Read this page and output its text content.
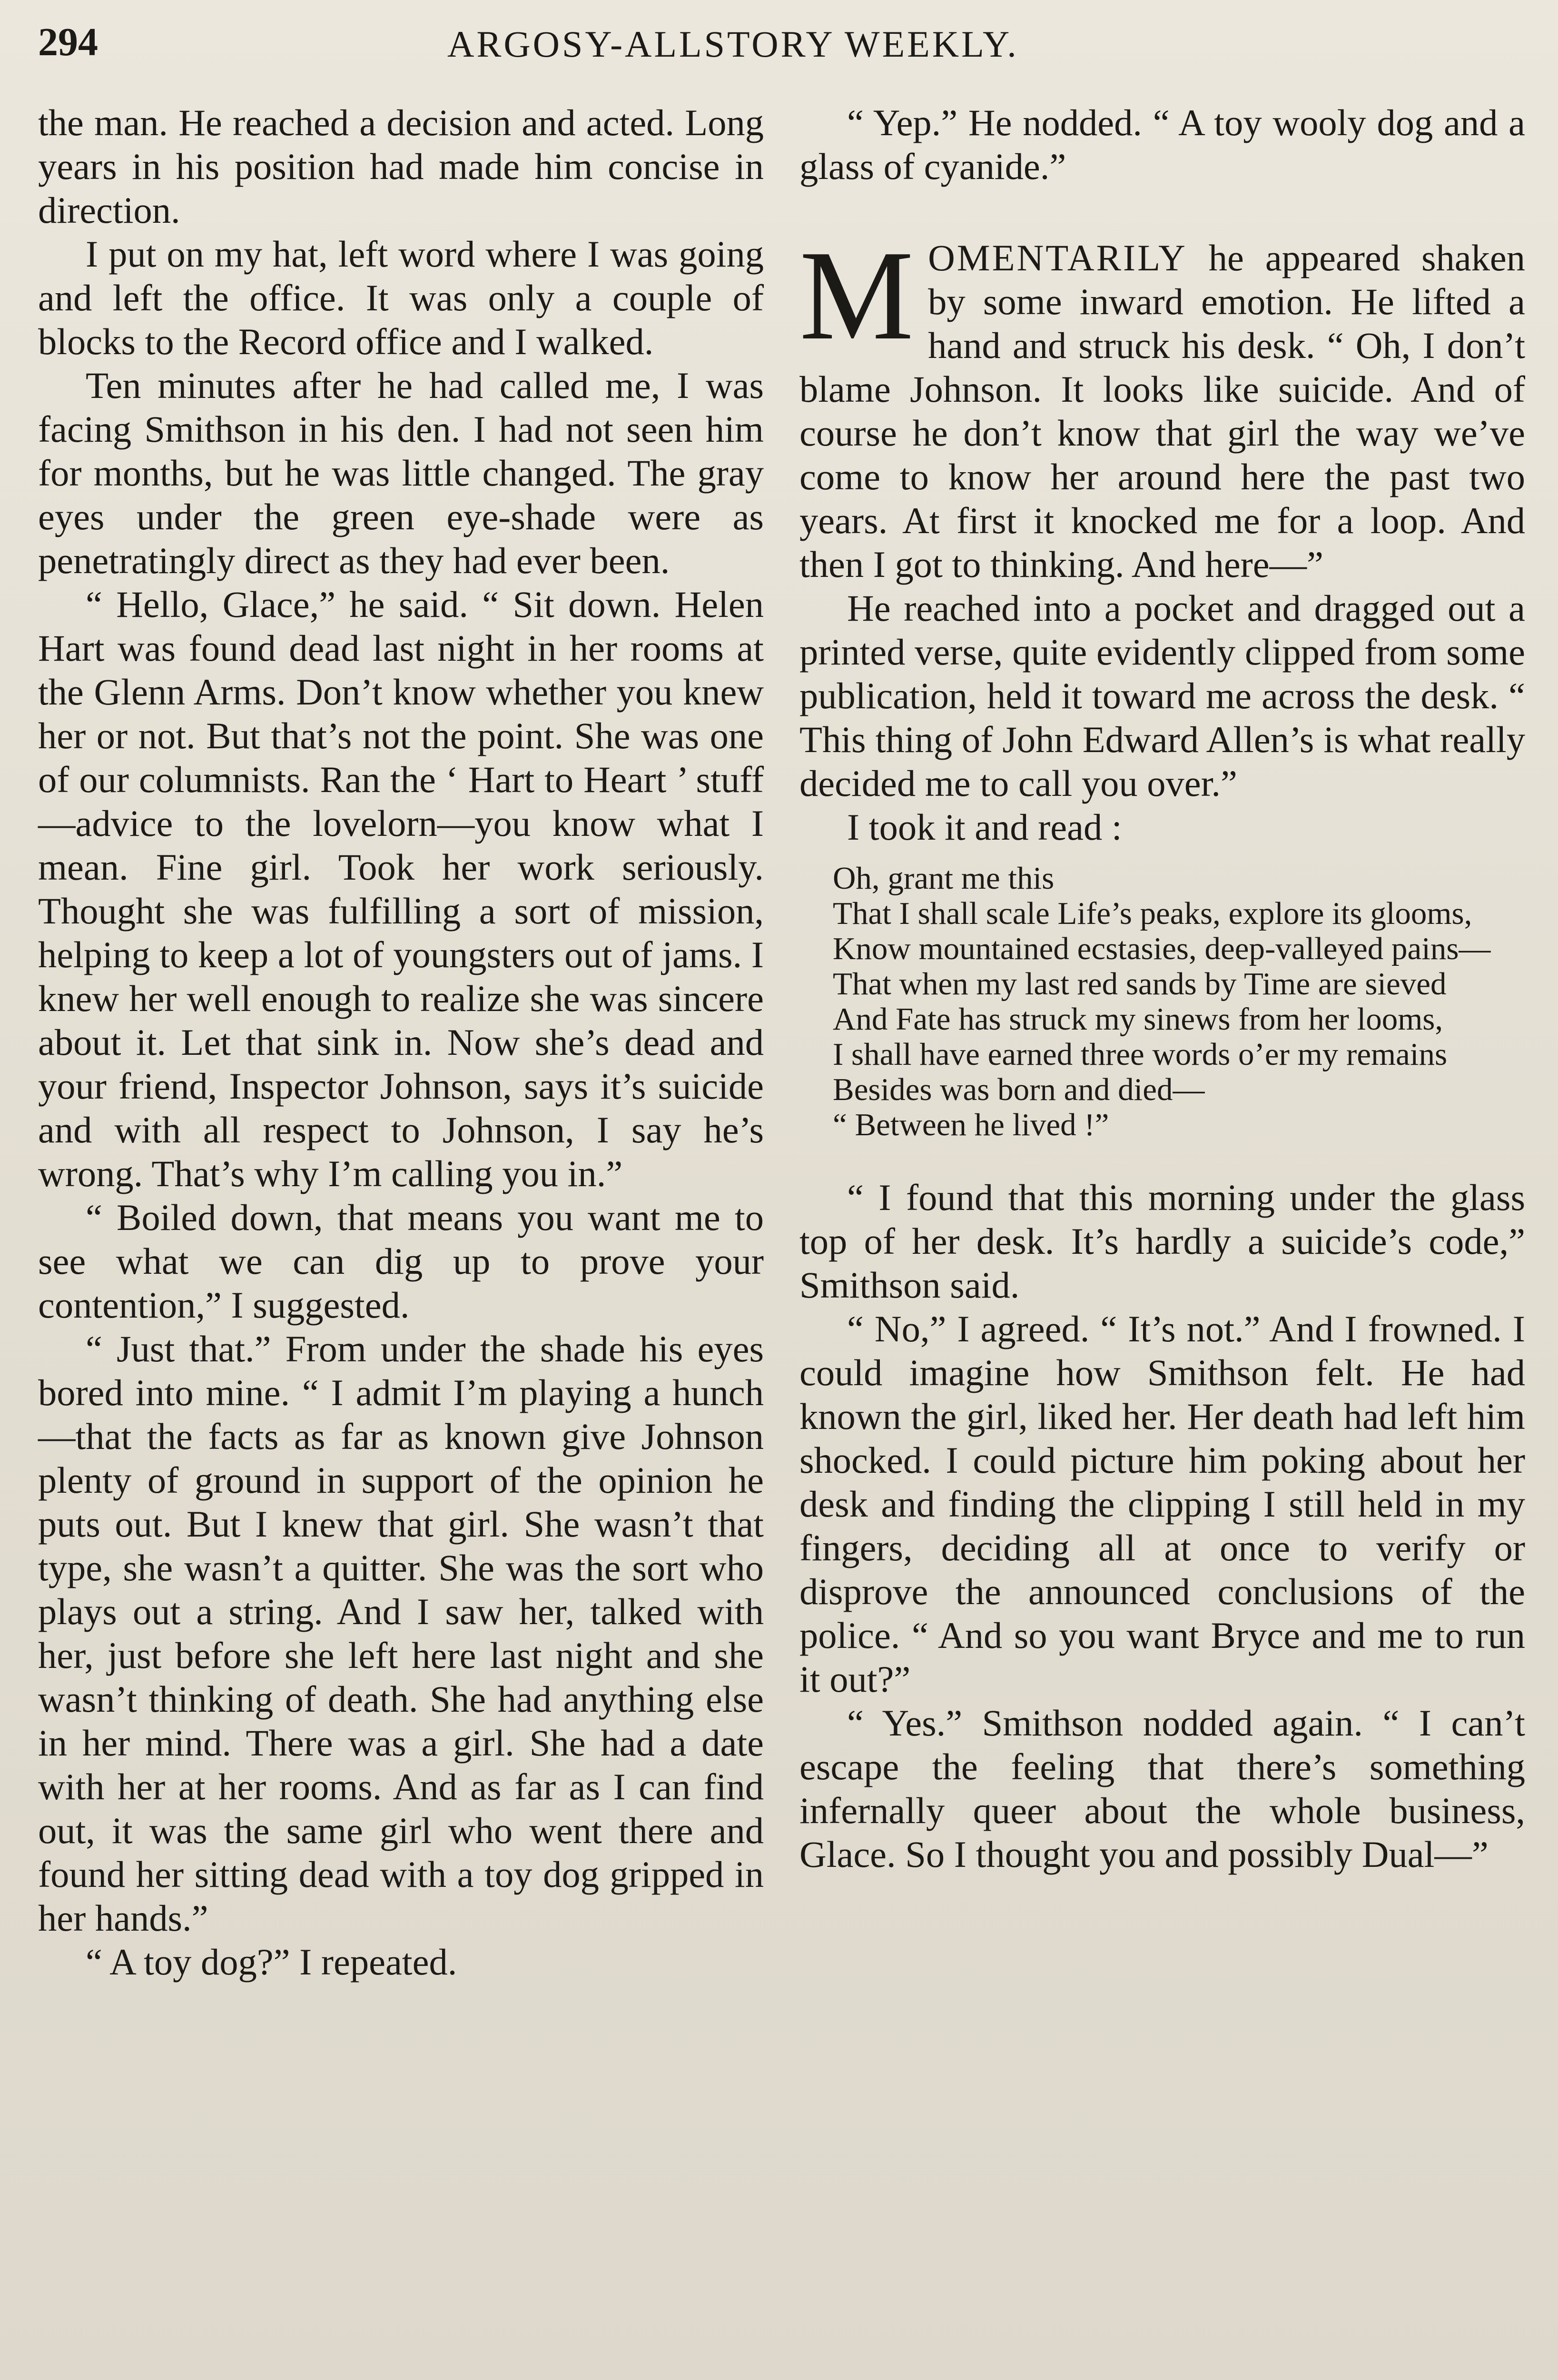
294	ARGOSY-ALLSTORY WEEKLY.

the man. He reached a decision and acted. Long years in his position had made him concise in direction.

I put on my hat, left word where I was going and left the office. It was only a couple of blocks to the Record office and I walked.

Ten minutes after he had called me, I was facing Smithson in his den. I had not seen him for months, but he was little changed. The gray eyes under the green eye-shade were as penetratingly direct as they had ever been.

“ Hello, Glace,” he said. “ Sit down. Helen Hart was found dead last night in her rooms at the Glenn Arms. Don’t know whether you knew her or not. But that’s not the point. She was one of our columnists. Ran the ‘ Hart to Heart ’ stuff—advice to the lovelorn—you know what I mean. Fine girl. Took her work seriously. Thought she was fulfilling a sort of mission, helping to keep a lot of youngsters out of jams. I knew her well enough to realize she was sincere about it. Let that sink in. Now she’s dead and your friend, Inspector Johnson, says it’s suicide and with all respect to Johnson, I say he’s wrong. That’s why I’m calling you in.”

“ Boiled down, that means you want me to see what we can dig up to prove your contention,” I suggested.

“ Just that.” From under the shade his eyes bored into mine. “ I admit I’m playing a hunch—that the facts as far as known give Johnson plenty of ground in support of the opinion he puts out. But I knew that girl. She wasn’t that type, she wasn’t a quitter. She was the sort who plays out a string. And I saw her, talked with her, just before she left here last night and she wasn’t thinking of death. She had anything else in her mind. There was a girl. She had a date with her at her rooms. And as far as I can find out, it was the same girl who went there and found her sitting dead with a toy dog gripped in her hands.”

“ A toy dog?” I repeated.

“ Yep.” He nodded. “ A toy wooly dog and a glass of cyanide.”

MOMENTARILY he appeared shaken by some inward emotion. He lifted a hand and struck his desk. “ Oh, I don’t blame Johnson. It looks like suicide. And of course he don’t know that girl the way we’ve come to know her around here the past two years. At first it knocked me for a loop. And then I got to thinking. And here—”

He reached into a pocket and dragged out a printed verse, quite evidently clipped from some publication, held it toward me across the desk. “ This thing of John Edward Allen’s is what really decided me to call you over.”

I took it and read :

Oh, grant me this
That I shall scale Life’s peaks, explore its glooms,
Know mountained ecstasies, deep-valleyed pains—
That when my last red sands by Time are sieved
And Fate has struck my sinews from her looms,
I shall have earned three words o’er my remains
Besides was born and died—
“ Between he lived !”

“ I found that this morning under the glass top of her desk. It’s hardly a suicide’s code,” Smithson said.

“ No,” I agreed. “ It’s not.” And I frowned. I could imagine how Smithson felt. He had known the girl, liked her. Her death had left him shocked. I could picture him poking about her desk and finding the clipping I still held in my fingers, deciding all at once to verify or disprove the announced conclusions of the police. “ And so you want Bryce and me to run it out?”

“ Yes.” Smithson nodded again. “ I can’t escape the feeling that there’s something infernally queer about the whole business, Glace. So I thought you and possibly Dual—”
